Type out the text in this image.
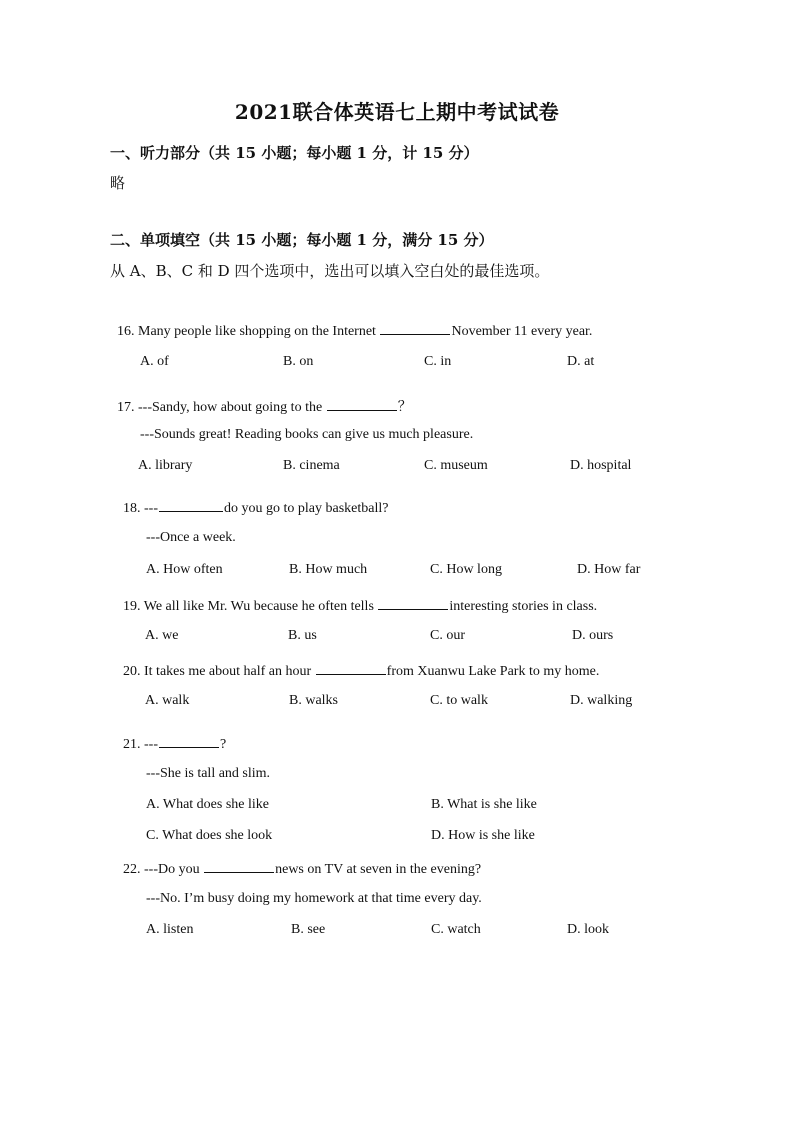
2021联合体英语七上期中考试试卷
一、听力部分（共 15 小题；每小题 1 分，计 15 分）
略
二、单项填空（共 15 小题；每小题 1 分，满分 15 分）
从 A、B、C 和 D 四个选项中，选出可以填入空白处的最佳选项。
16. Many people like shopping on the Internet	November 11 every year.
A. of	B. on	C. in	D. at
17. ---Sandy, how about going to the	？
---Sounds great! Reading books can give us much pleasure.
A. library	B. cinema	C. museum	D. hospital
18. ---	do you go to play basketball?
---Once a week.
A. How often	B. How much	C. How long	D. How far
19. We all like Mr. Wu because he often tells	interesting stories in class.
A. we	B. us	C. our	D. ours
20. It takes me about half an hour	from Xuanwu Lake Park to my home.
A. walk	B. walks	C. to walk	D. walking
21. ---	?
---She is tall and slim.
A. What does she like	B. What is she like
C. What does she look	D. How is she like
22. ---Do you	news on TV at seven in the evening?
---No. I’m busy doing my homework at that time every day.
A. listen	B. see	C. watch	D. look
